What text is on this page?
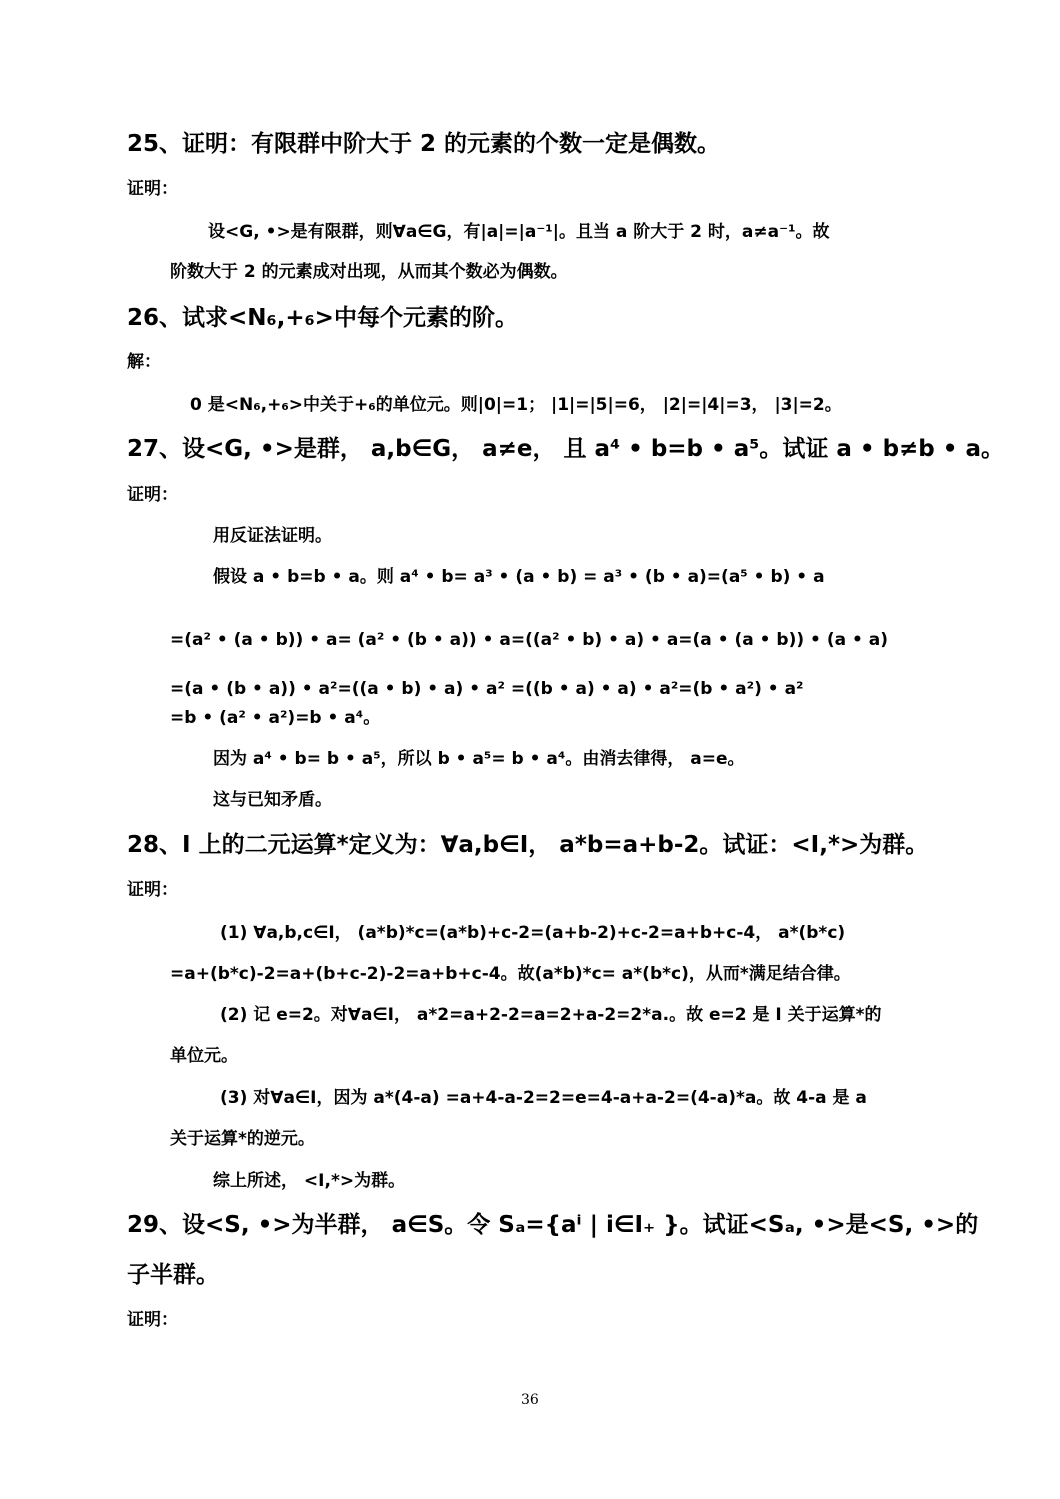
25、证明：有限群中阶大于 2 的元素的个数一定是偶数。
证明：
设<G, •>是有限群，则∀a∈G，有|a|=|a⁻¹|。且当 a 阶大于 2 时，a≠a⁻¹。故
阶数大于 2 的元素成对出现，从而其个数必为偶数。
26、试求<N₆,+₆>中每个元素的阶。
解：
0 是<N₆,+₆>中关于+₆的单位元。则|0|=1； |1|=|5|=6， |2|=|4|=3， |3|=2。
27、设<G, •>是群， a,b∈G， a≠e， 且 a⁴ • b=b • a⁵。试证 a • b≠b • a。
证明：
用反证法证明。
假设 a • b=b • a。则 a⁴ • b= a³ • (a • b) = a³ • (b • a)=(a⁵ • b) • a
=(a² • (a • b)) • a= (a² • (b • a)) • a=((a² • b) • a) • a=(a • (a • b)) • (a • a)
=(a • (b • a)) • a²=((a • b) • a) • a² =((b • a) • a) • a²=(b • a²) • a²
=b • (a² • a²)=b • a⁴。
因为 a⁴ • b= b • a⁵，所以 b • a⁵= b • a⁴。由消去律得， a=e。
这与已知矛盾。
28、I 上的二元运算*定义为：∀a,b∈I， a*b=a+b-2。试证：<I,*>为群。
证明：
(1) ∀a,b,c∈I， (a*b)*c=(a*b)+c-2=(a+b-2)+c-2=a+b+c-4， a*(b*c)
=a+(b*c)-2=a+(b+c-2)-2=a+b+c-4。故(a*b)*c= a*(b*c)，从而*满足结合律。
(2) 记 e=2。对∀a∈I， a*2=a+2-2=a=2+a-2=2*a.。故 e=2 是 I 关于运算*的
单位元。
(3) 对∀a∈I，因为 a*(4-a) =a+4-a-2=2=e=4-a+a-2=(4-a)*a。故 4-a 是 a
关于运算*的逆元。
综上所述， <I,*>为群。
29、设<S, •>为半群， a∈S。令 Sₐ={aⁱ | i∈I₊ }。试证<Sₐ, •>是<S, •>的
子半群。
证明：
36
